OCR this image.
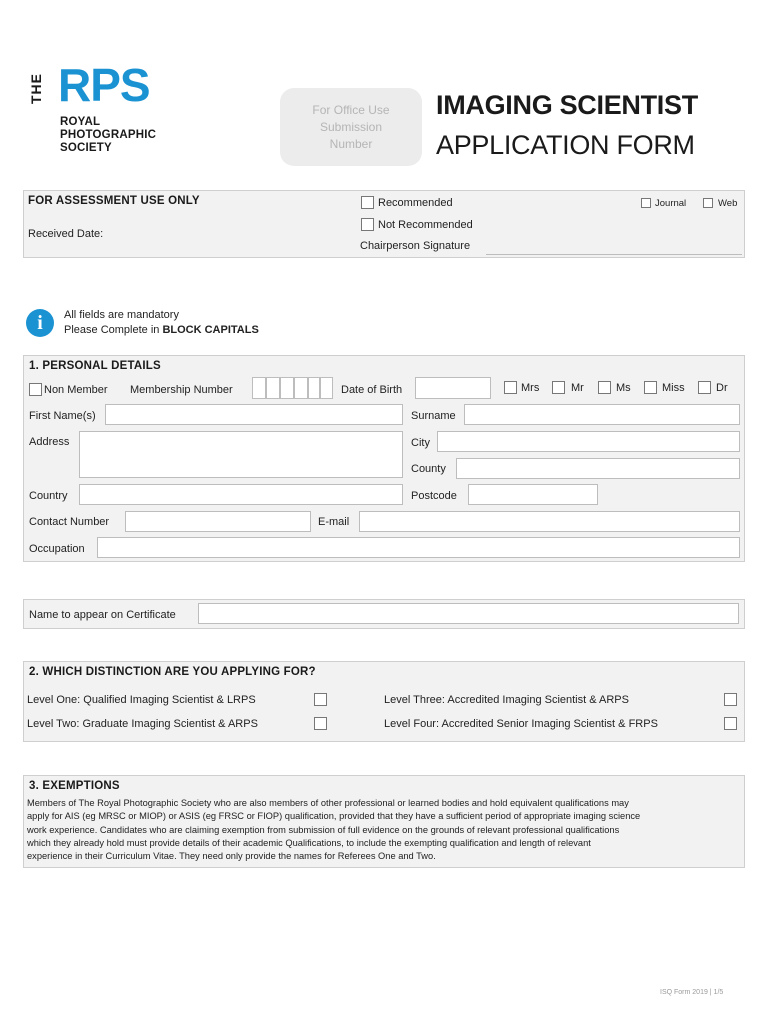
THE RPS
ROYAL
PHOTOGRAPHIC
SOCIETY
For Office Use
Submission
Number
IMAGING SCIENTIST
APPLICATION FORM
FOR ASSESSMENT USE ONLY
Received Date:
Recommended
Not Recommended
Chairperson Signature
Journal	Web
i	All fields are mandatory
Please Complete in BLOCK CAPITALS
1. PERSONAL DETAILS
Non Member Membership Number	Date of Birth	Mrs	Mr	Ms	Miss	Dr
First Name(s)	Surname
Address	City
County
Country	Postcode
Contact Number	E-mail
Occupation
Name to appear on Certificate
2. WHICH DISTINCTION ARE YOU APPLYING FOR?
Level One: Qualified Imaging Scientist & LRPS	Level Three: Accredited Imaging Scientist & ARPS
Level Two: Graduate Imaging Scientist & ARPS	Level Four: Accredited Senior Imaging Scientist & FRPS
3. EXEMPTIONS
Members of The Royal Photographic Society who are also members of other professional or learned bodies and hold equivalent qualifications may
apply for AIS (eg MRSC or MIOP) or ASIS (eg FRSC or FIOP) qualification, provided that they have a sufficient period of appropriate imaging science
work experience. Candidates who are claiming exemption from submission of full evidence on the grounds of relevant professional qualifications
which they already hold must provide details of their academic Qualifications, to include the exempting qualification and length of relevant
experience in their Curriculum Vitae. They need only provide the names for Referees One and Two.
ISQ Form 2019 | 1/5
